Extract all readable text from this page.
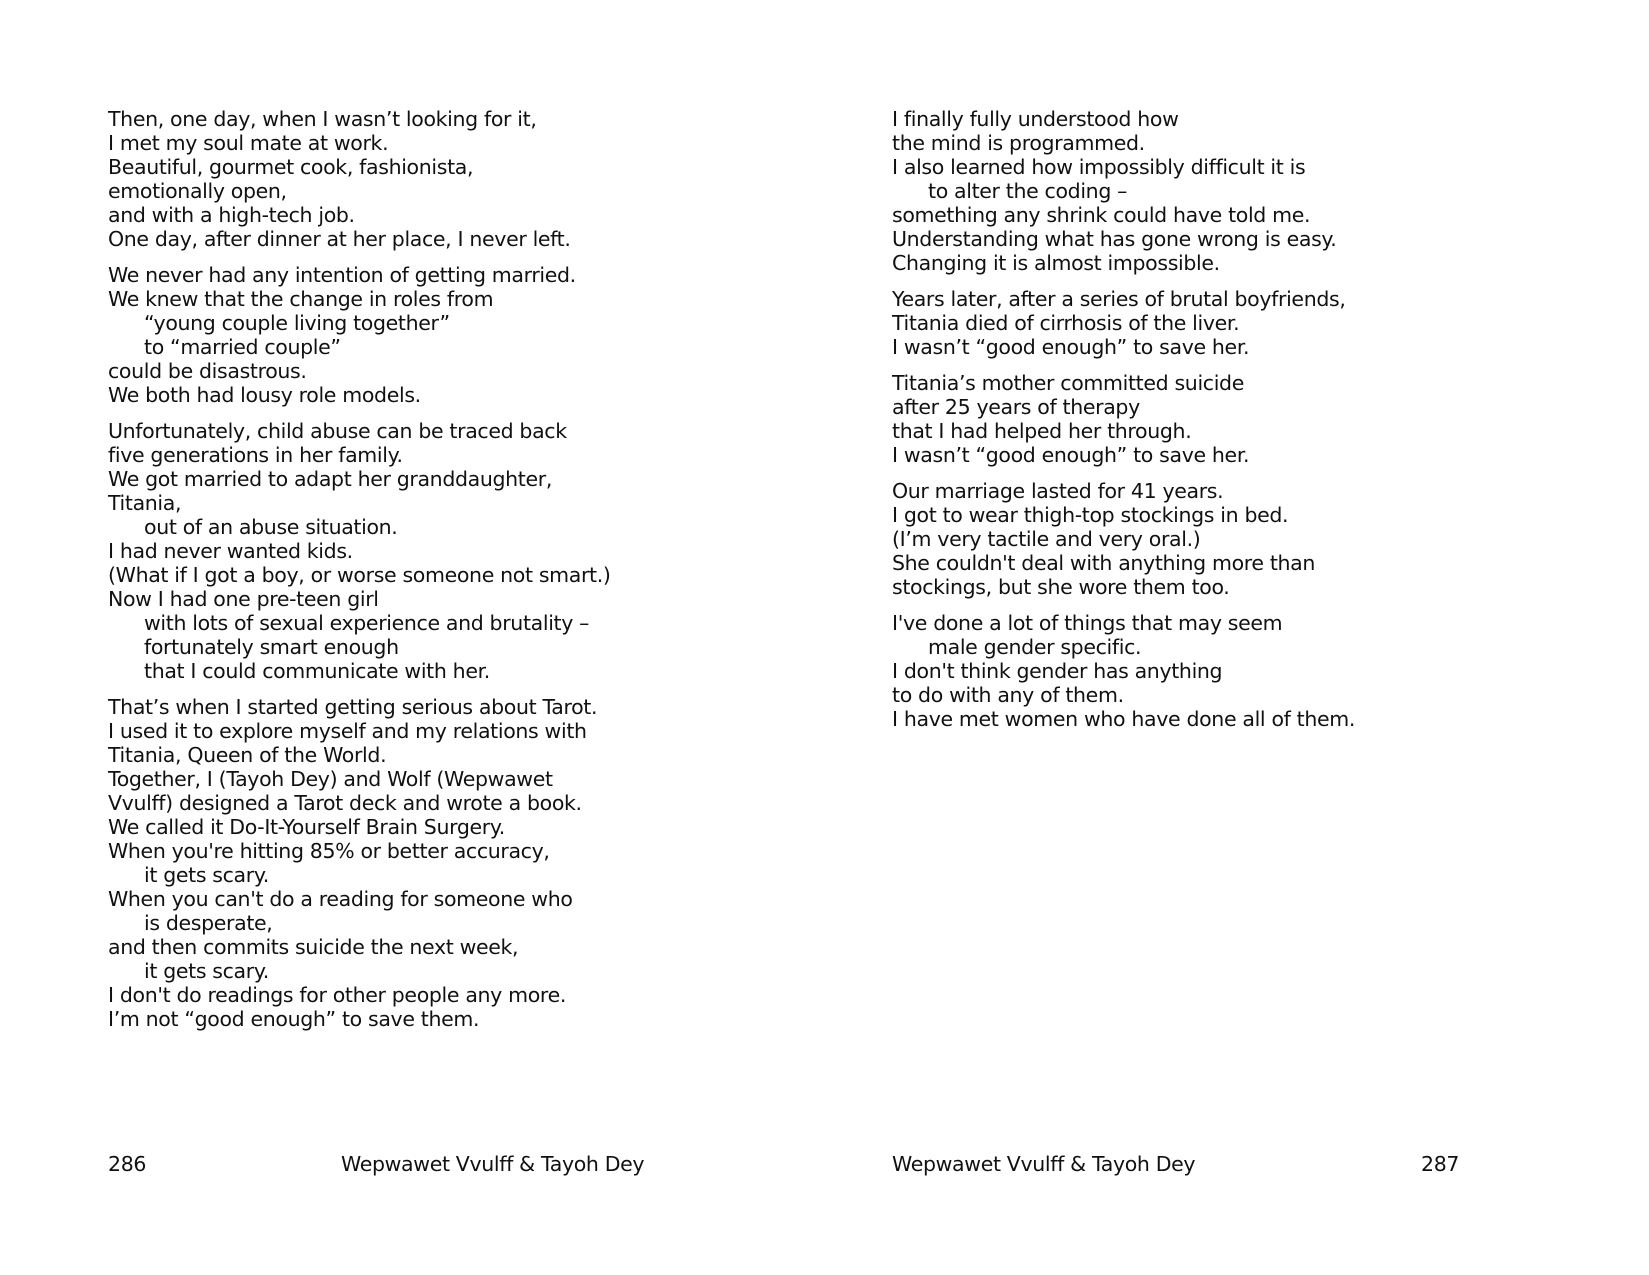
Then, one day, when I wasn’t looking for it,
I met my soul mate at work.
Beautiful, gourmet cook, fashionista,
emotionally open,
and with a high-tech job.
One day, after dinner at her place, I never left.
We never had any intention of getting married.
We knew that the change in roles from
“young couple living together”
to “married couple”
could be disastrous.
We both had lousy role models.
Unfortunately, child abuse can be traced back
five generations in her family.
We got married to adapt her granddaughter,
Titania,
out of an abuse situation.
I had never wanted kids.
(What if I got a boy, or worse someone not smart.)
Now I had one pre-teen girl
with lots of sexual experience and brutality –
fortunately smart enough
that I could communicate with her.
That’s when I started getting serious about Tarot.
I used it to explore myself and my relations with
Titania, Queen of the World.
Together, I (Tayoh Dey) and Wolf (Wepwawet
Vvulff) designed a Tarot deck and wrote a book.
We called it Do-It-Yourself Brain Surgery.
When you're hitting 85% or better accuracy,
it gets scary.
When you can't do a reading for someone who
is desperate,
and then commits suicide the next week,
it gets scary.
I don't do readings for other people any more.
I’m not “good enough” to save them.
286	Wepwawet Vvulff & Tayoh Dey
I finally fully understood how
the mind is programmed.
I also learned how impossibly difficult it is
to alter the coding –
something any shrink could have told me.
Understanding what has gone wrong is easy.
Changing it is almost impossible.
Years later, after a series of brutal boyfriends,
Titania died of cirrhosis of the liver.
I wasn’t “good enough” to save her.
Titania’s mother committed suicide
after 25 years of therapy
that I had helped her through.
I wasn’t “good enough” to save her.
Our marriage lasted for 41 years.
I got to wear thigh-top stockings in bed.
(I’m very tactile and very oral.)
She couldn't deal with anything more than
stockings, but she wore them too.
I've done a lot of things that may seem
male gender specific.
I don't think gender has anything
to do with any of them.
I have met women who have done all of them.
Wepwawet Vvulff & Tayoh Dey	287
